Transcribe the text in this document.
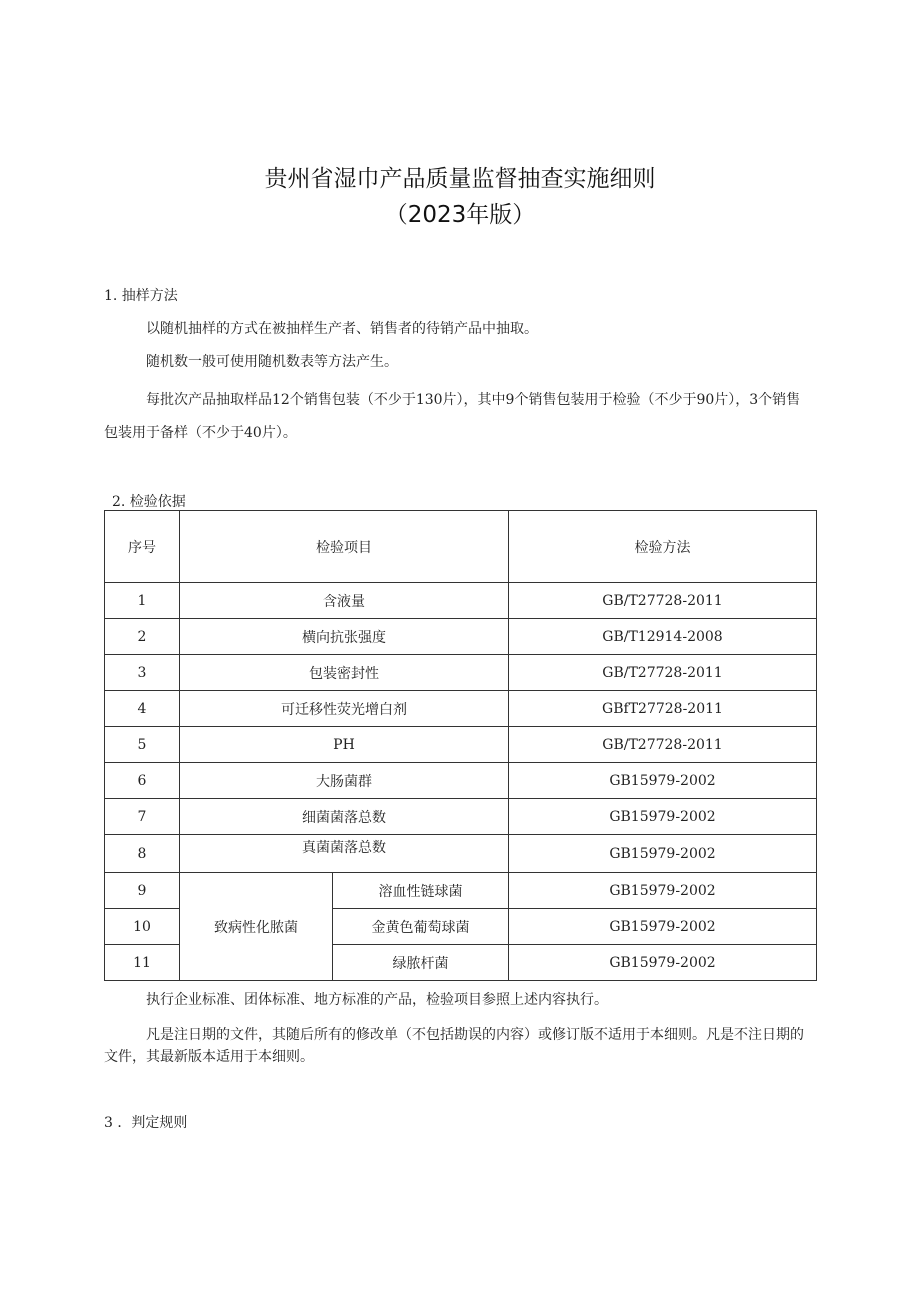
贵州省湿巾产品质量监督抽查实施细则
（2023年版）
1. 抽样方法
以随机抽样的方式在被抽样生产者、销售者的待销产品中抽取。
随机数一般可使用随机数表等方法产生。
每批次产品抽取样品12个销售包装（不少于130片），其中9个销售包装用于检验（不少于90片），3个销售包装用于备样（不少于40片）。
2. 检验依据
序号	检验项目		检验方法
1	含液量		GB/T27728-2011
2	横向抗张强度		GB/T12914-2008
3	包装密封性		GB/T27728-2011
4	可迁移性荧光增白剂		GBfT27728-2011
5	PH		GB/T27728-2011
6	大肠菌群		GB15979-2002
7	细菌菌落总数		GB15979-2002
8	真菌菌落总数		GB15979-2002
9	致病性化脓菌	溶血性链球菌	GB15979-2002
10		金黄色葡萄球菌	GB15979-2002
11		绿脓杆菌	GB15979-2002
执行企业标准、团体标准、地方标准的产品，检验项目参照上述内容执行。
凡是注日期的文件，其随后所有的修改单（不包括勘误的内容）或修订版不适用于本细则。凡是不注日期的文件，其最新版本适用于本细则。
3 ．判定规则
